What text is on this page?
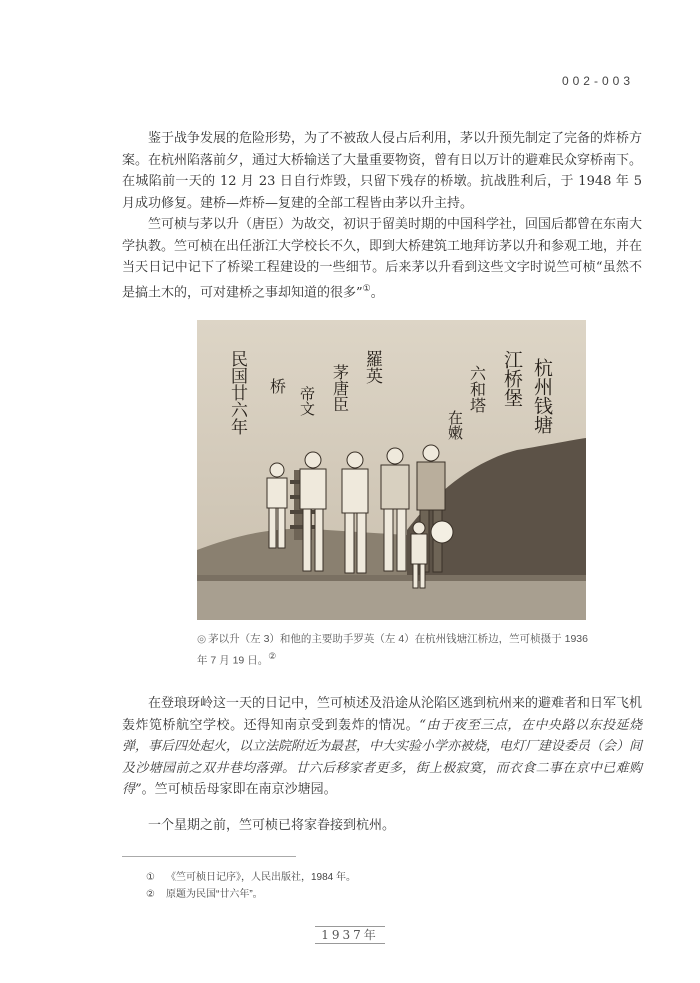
002-003

鉴于战争发展的危险形势，为了不被敌人侵占后利用，茅以升预先制定了完备的炸桥方案。在杭州陷落前夕，通过大桥输送了大量重要物资，曾有日以万计的避难民众穿桥南下。在城陷前一天的 12 月 23 日自行炸毁，只留下残存的桥墩。抗战胜利后，于 1948 年 5 月成功修复。建桥—炸桥—复建的全部工程皆由茅以升主持。

竺可桢与茅以升（唐臣）为故交，初识于留美时期的中国科学社，回国后都曾在东南大学执教。竺可桢在出任浙江大学校长不久，即到大桥建筑工地拜访茅以升和参观工地，并在当天日记中记下了桥梁工程建设的一些细节。后来茅以升看到这些文字时说竺可桢“虽然不是搞土木的，可对建桥之事却知道的很多”①。

杭州钱塘
江桥堡
六和塔
在嫩
羅英
茅唐臣
帝文
桥
民国廿六年
◎ 茅以升（左 3）和他的主要助手罗英（左 4）在杭州钱塘江桥边，竺可桢摄于 1936 年 7 月 19 日。②

在登琅玡岭这一天的日记中，竺可桢述及沿途从沦陷区逃到杭州来的避难者和日军飞机轰炸笕桥航空学校。还得知南京受到轰炸的情况。“由于夜至三点，在中央路以东投延烧弹，事后四处起火，以立法院附近为最甚，中大实验小学亦被烧，电灯厂建设委员（会）间及沙塘园前之双井巷均落弹。廿六后移家者更多，街上极寂寞，而衣食二事在京中已难购得”。竺可桢岳母家即在南京沙塘园。

一个星期之前，竺可桢已将家眷接到杭州。

① 《竺可桢日记序》，人民出版社，1984 年。
② 原题为民国“廿六年”。
1937年
